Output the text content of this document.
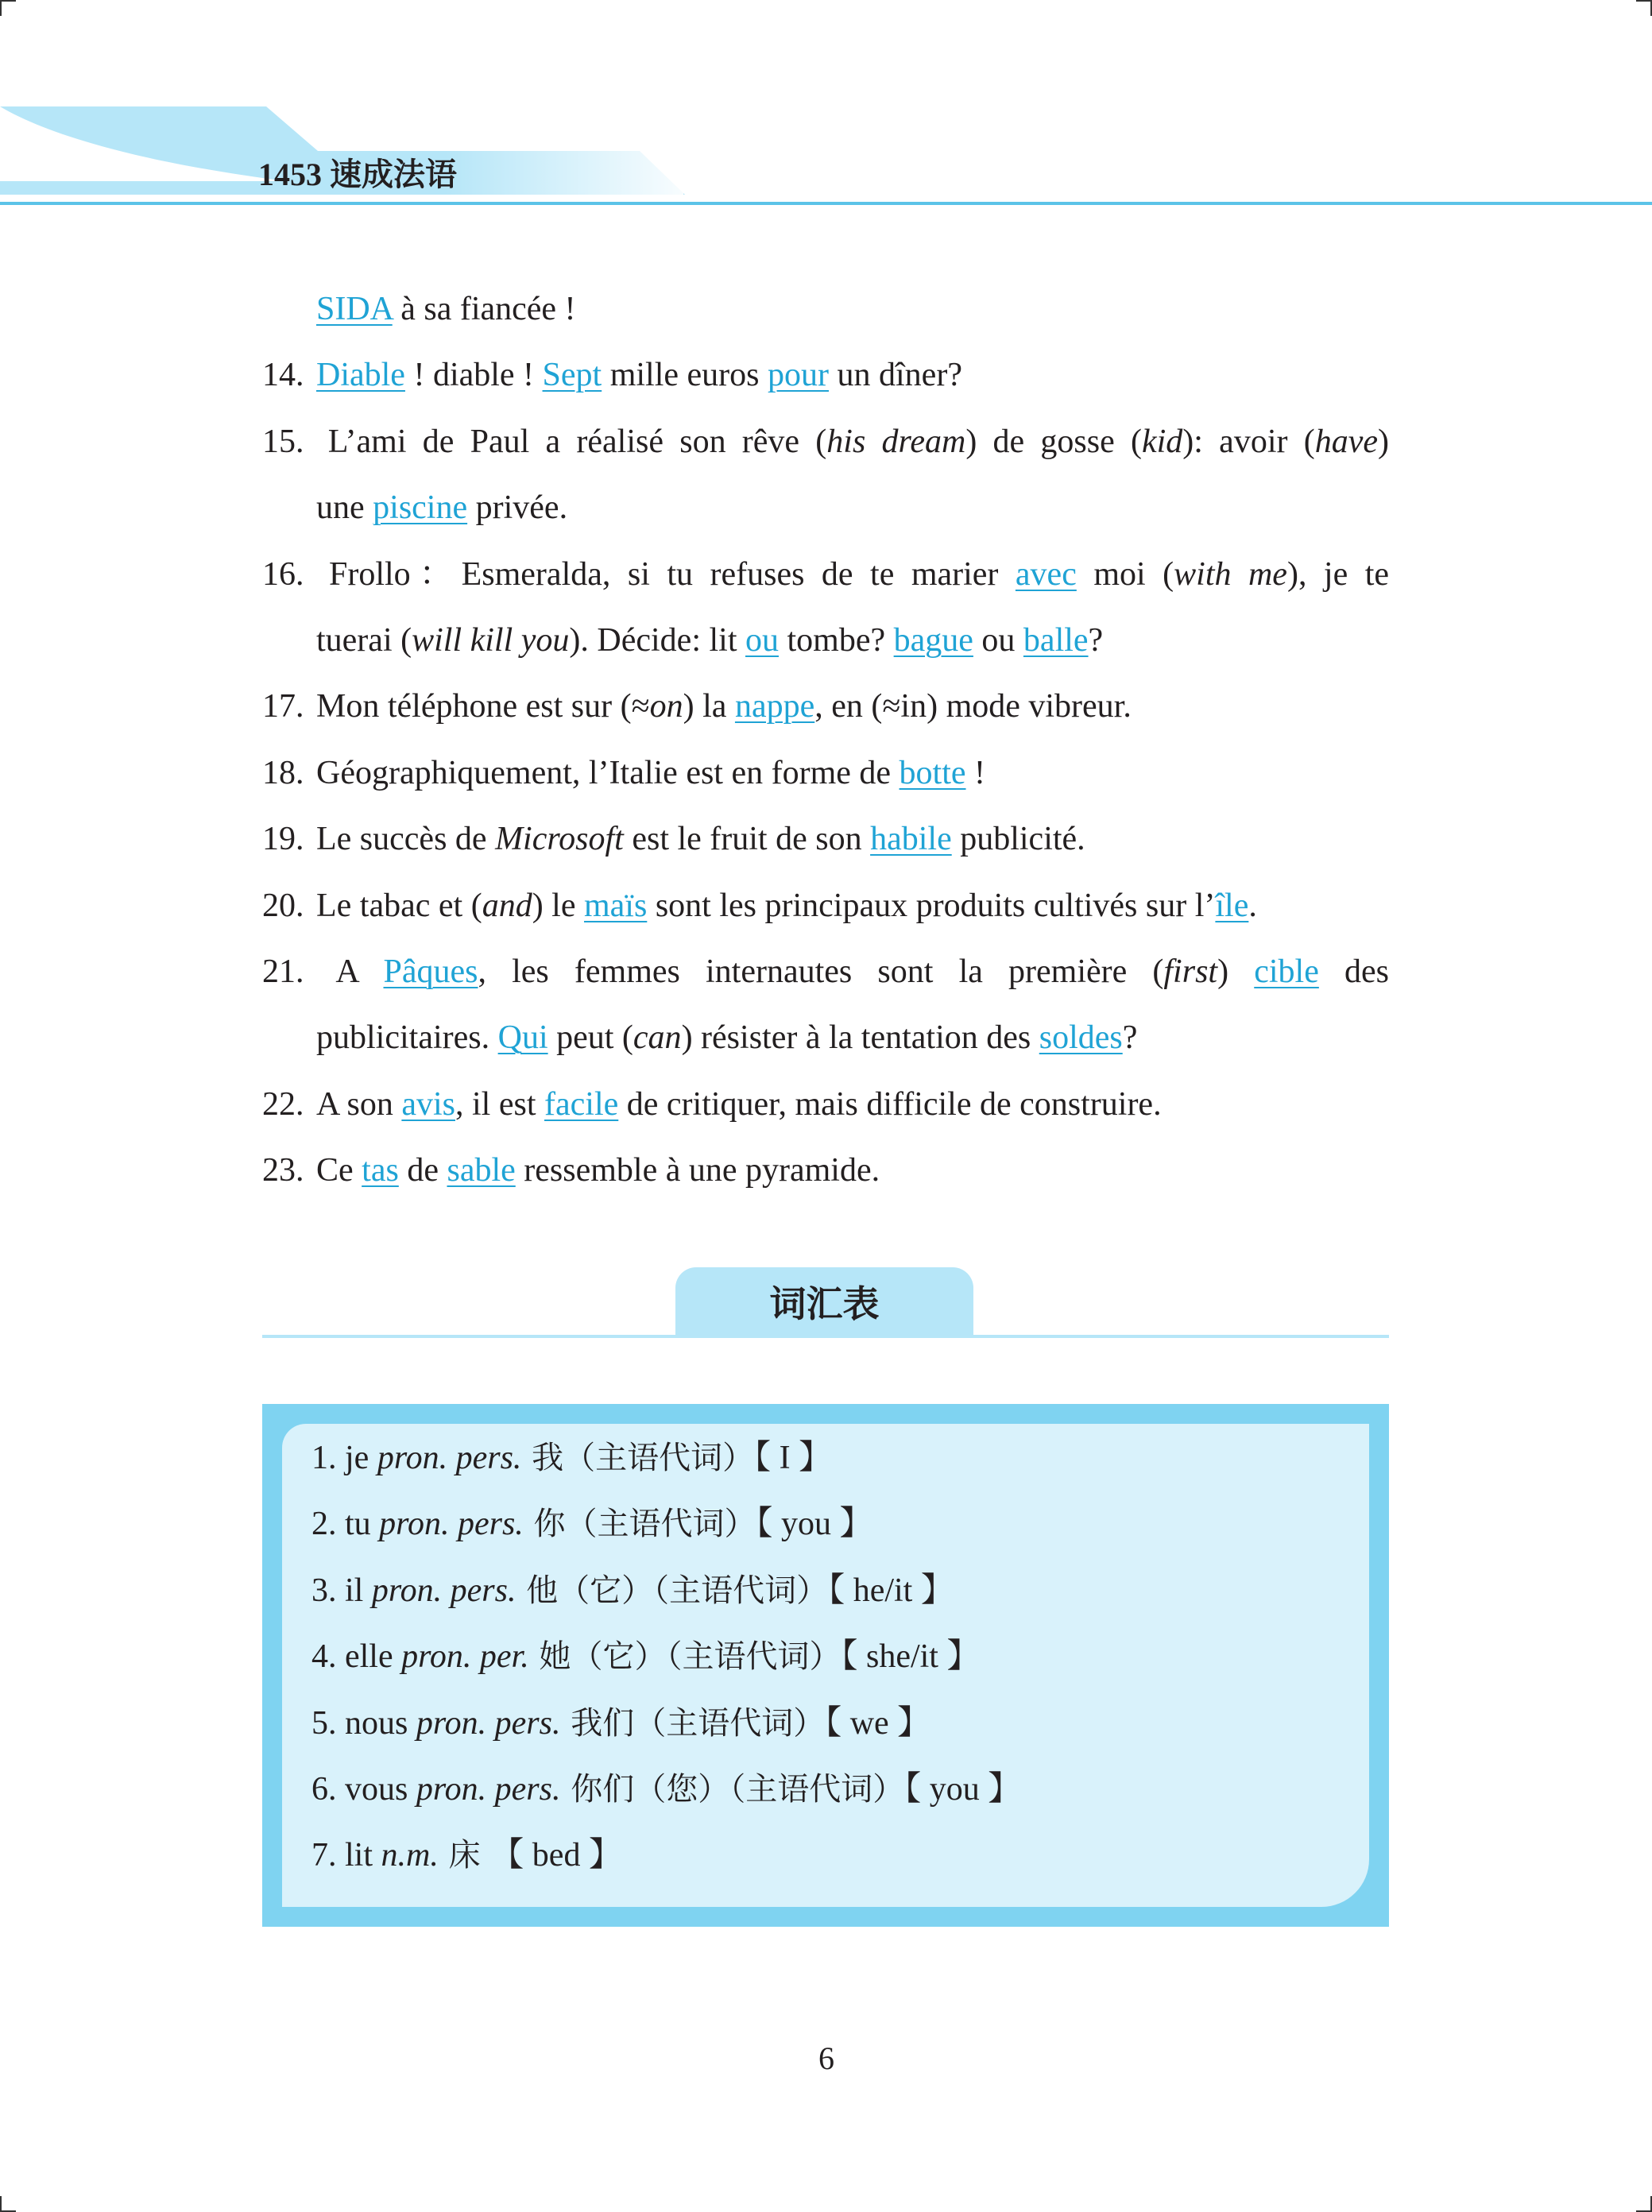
1453 速成法语
SIDA à sa fiancée !
14. Diable ! diable ! Sept mille euros pour un dîner?
15. L’ami de Paul a réalisé son rêve (his dream) de gosse (kid): avoir (have)
une piscine privée.
16. Frollo：Esmeralda, si tu refuses de te marier avec moi (with me), je te
tuerai (will kill you). Décide: lit ou tombe? bague ou balle?
17. Mon téléphone est sur (≈on) la nappe, en (≈in) mode vibreur.
18. Géographiquement, l’Italie est en forme de botte !
19. Le succès de Microsoft est le fruit de son habile publicité.
20. Le tabac et (and) le maïs sont les principaux produits cultivés sur l’île.
21. A Pâques, les femmes internautes sont la première (first) cible des
publicitaires. Qui peut (can) résister à la tentation des soldes?
22. A son avis, il est facile de critiquer, mais difficile de construire.
23. Ce tas de sable ressemble à une pyramide.
词汇表
1. je pron. pers. 我（主语代词）【 I 】
2. tu pron. pers. 你（主语代词）【 you 】
3. il pron. pers. 他（它）（主语代词）【 he/it 】
4. elle pron. per. 她（它）（主语代词）【 she/it 】
5. nous pron. pers. 我们（主语代词）【 we 】
6. vous pron. pers. 你们（您）（主语代词）【 you 】
7. lit n.m. 床 【 bed 】
6
